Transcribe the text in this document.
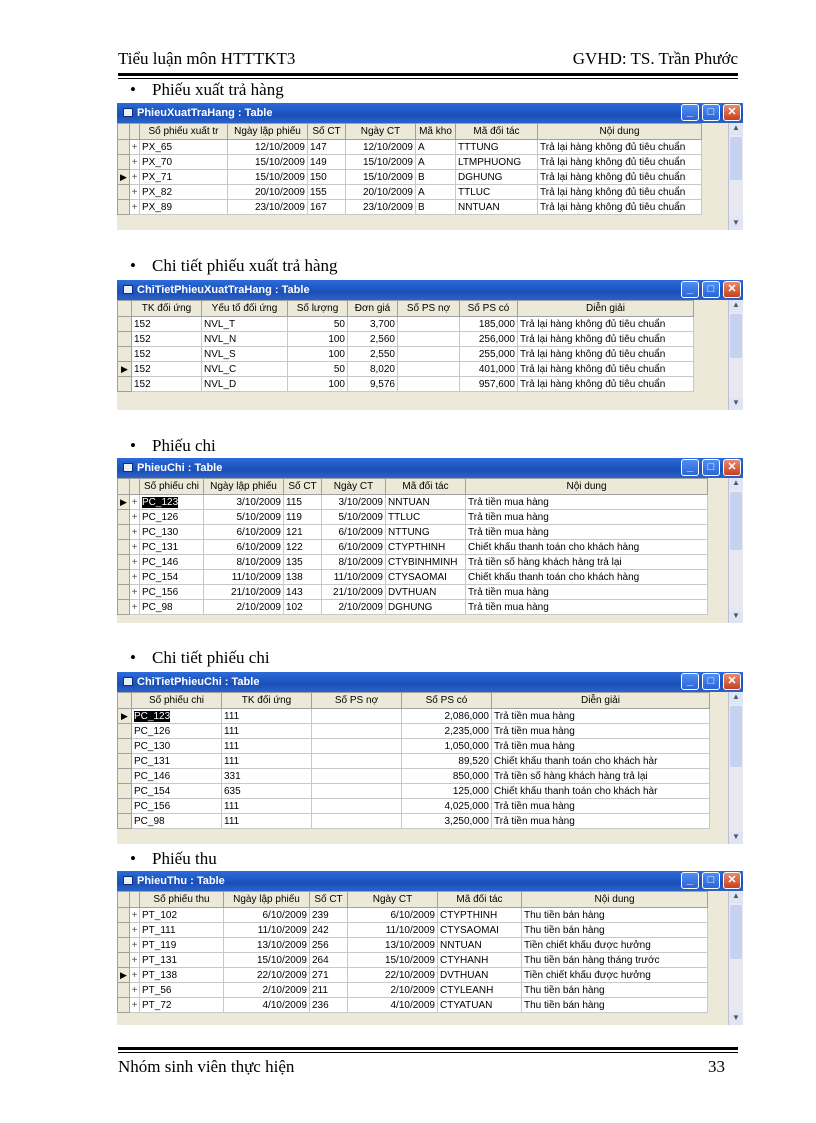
Tiểu luận môn HTTTKT3	GVHD: TS. Trần Phước
• Phiếu xuất trả hàng
• Chi tiết phiếu xuất trả hàng
• Phiếu chi
• Chi tiết phiếu chi
• Phiếu thu
PhieuXuatTraHang : Table	_	□	✕
		Số phiếu xuất tr	Ngày lập phiếu	Số CT	Ngày CT	Mã kho	Mã đối tác	Nội dung
	+	PX_65	12/10/2009	147	12/10/2009	A	TTTUNG	Trả lại hàng không đủ tiêu chuẩn
	+	PX_70	15/10/2009	149	15/10/2009	A	LTMPHUONG	Trả lại hàng không đủ tiêu chuẩn
▶	+	PX_71	15/10/2009	150	15/10/2009	B	DGHUNG	Trả lại hàng không đủ tiêu chuẩn
	+	PX_82	20/10/2009	155	20/10/2009	A	TTLUC	Trả lại hàng không đủ tiêu chuẩn
	+	PX_89	23/10/2009	167	23/10/2009	B	NNTUAN	Trả lại hàng không đủ tiêu chuẩn
▲
▼
ChiTietPhieuXuatTraHang : Table	_	□	✕
	TK đối ứng	Yếu tố đối ứng	Số lượng	Đơn giá	Số PS nợ	Số PS có	Diễn giải
	152	NVL_T	50	3,700		185,000	Trả lại hàng không đủ tiêu chuẩn
	152	NVL_N	100	2,560		256,000	Trả lại hàng không đủ tiêu chuẩn
	152	NVL_S	100	2,550		255,000	Trả lại hàng không đủ tiêu chuẩn
▶	152	NVL_C	50	8,020		401,000	Trả lại hàng không đủ tiêu chuẩn
	152	NVL_D	100	9,576		957,600	Trả lại hàng không đủ tiêu chuẩn
▲
▼
PhieuChi : Table	_	□	✕
		Số phiếu chi	Ngày lập phiếu	Số CT	Ngày CT	Mã đối tác	Nội dung
▶	+	PC_123	3/10/2009	115	3/10/2009	NNTUAN	Trả tiền mua hàng
	+	PC_126	5/10/2009	119	5/10/2009	TTLUC	Trả tiền mua hàng
	+	PC_130	6/10/2009	121	6/10/2009	NTTUNG	Trả tiền mua hàng
	+	PC_131	6/10/2009	122	6/10/2009	CTYPTHINH	Chiết khấu thanh toán cho khách hàng
	+	PC_146	8/10/2009	135	8/10/2009	CTYBINHMINH	Trả tiền số hàng khách hàng trả lại
	+	PC_154	11/10/2009	138	11/10/2009	CTYSAOMAI	Chiết khấu thanh toán cho khách hàng
	+	PC_156	21/10/2009	143	21/10/2009	DVTHUAN	Trả tiền mua hàng
	+	PC_98	2/10/2009	102	2/10/2009	DGHUNG	Trả tiền mua hàng
▲
▼
ChiTietPhieuChi : Table	_	□	✕
	Số phiếu chi	TK đối ứng	Số PS nợ	Số PS có	Diễn giải
▶	PC_123	111		2,086,000	Trả tiền mua hàng
	PC_126	111		2,235,000	Trả tiền mua hàng
	PC_130	111		1,050,000	Trả tiền mua hàng
	PC_131	111		89,520	Chiết khấu thanh toán cho khách hàr
	PC_146	331		850,000	Trả tiền số hàng khách hàng trả lại
	PC_154	635		125,000	Chiết khấu thanh toán cho khách hàr
	PC_156	111		4,025,000	Trả tiền mua hàng
	PC_98	111		3,250,000	Trả tiền mua hàng
▲
▼
PhieuThu : Table	_	□	✕
		Số phiếu thu	Ngày lập phiếu	Số CT	Ngày CT	Mã đối tác	Nội dung
	+	PT_102	6/10/2009	239	6/10/2009	CTYPTHINH	Thu tiền bán hàng
	+	PT_111	11/10/2009	242	11/10/2009	CTYSAOMAI	Thu tiền bán hàng
	+	PT_119	13/10/2009	256	13/10/2009	NNTUAN	Tiền chiết khấu được hưởng
	+	PT_131	15/10/2009	264	15/10/2009	CTYHANH	Thu tiền bán hàng tháng trước
▶	+	PT_138	22/10/2009	271	22/10/2009	DVTHUAN	Tiền chiết khấu được hưởng
	+	PT_56	2/10/2009	211	2/10/2009	CTYLEANH	Thu tiền bán hàng
	+	PT_72	4/10/2009	236	4/10/2009	CTYATUAN	Thu tiền bán hàng
▲
▼
Nhóm sinh viên thực hiện	33
